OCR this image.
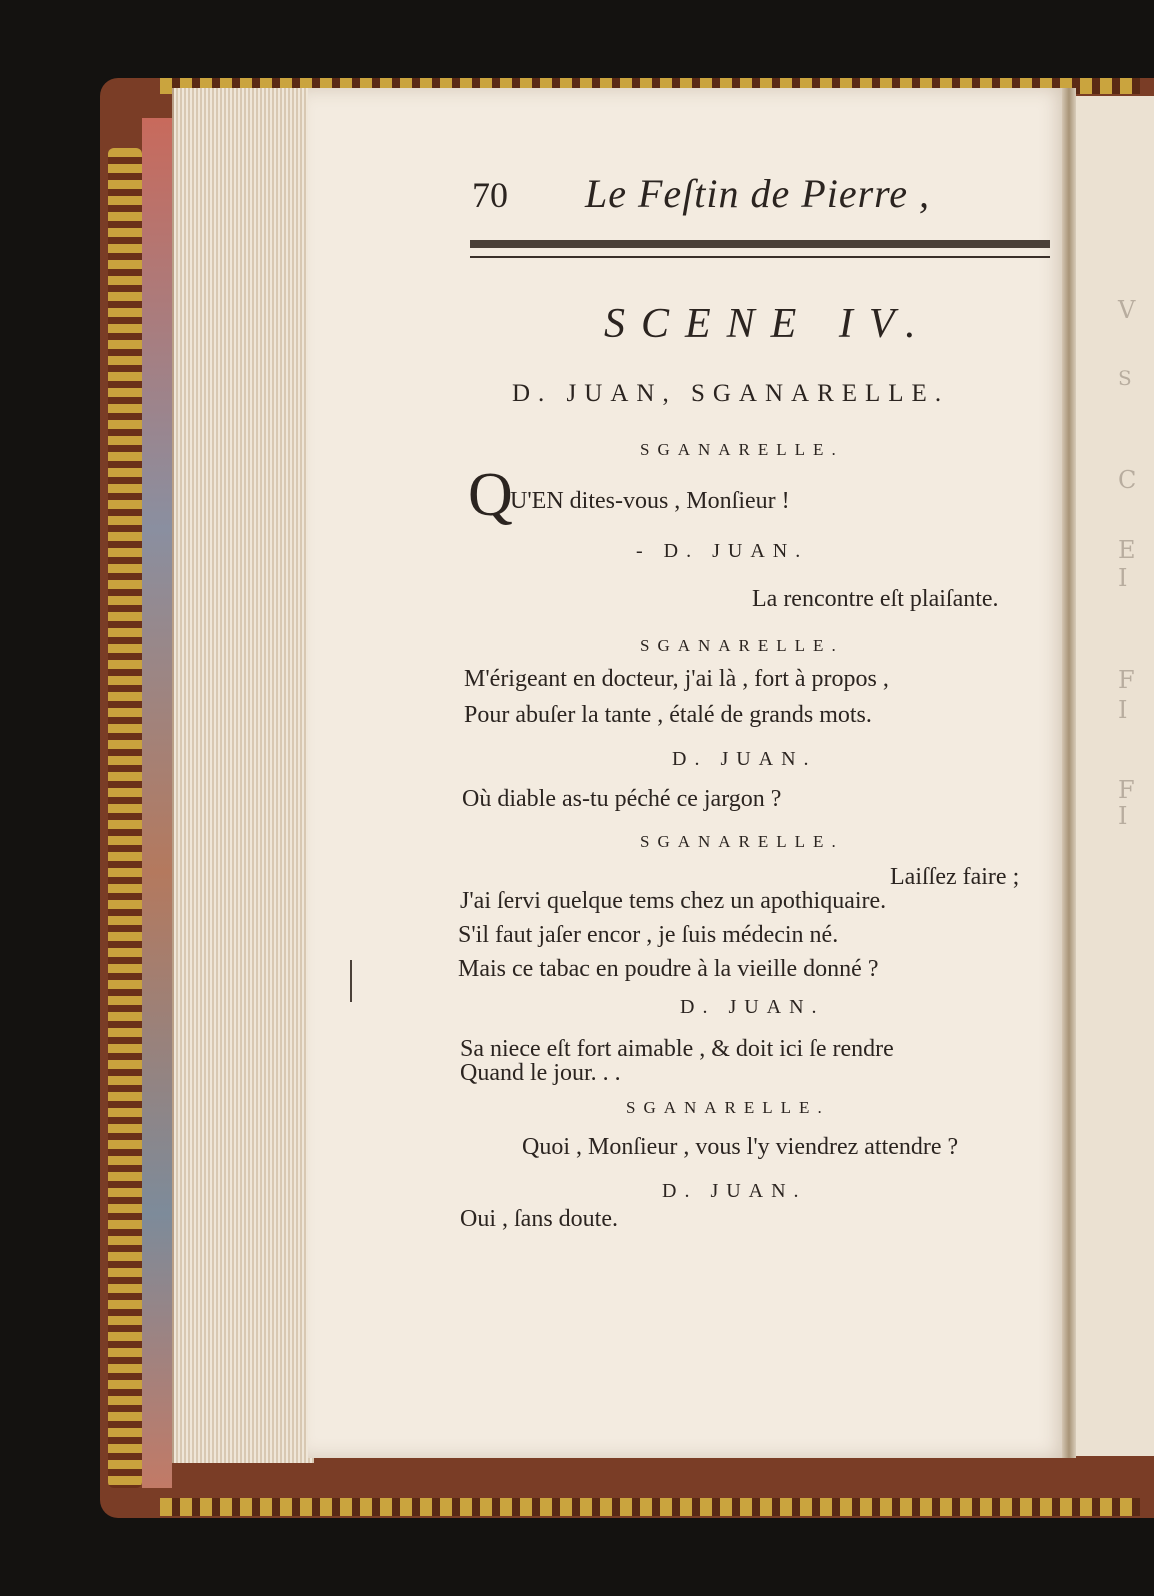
V
S
C
E
I
F
I
F
I
70 Le Feſtin de Pierre ,
SCENE IV.
D. JUAN, SGANARELLE.
Q
SGANARELLE.
U'EN dites-vous , Monſieur !
- D. JUAN.
La rencontre eſt plaiſante.
SGANARELLE.
M'érigeant en docteur, j'ai là , fort à propos ,
Pour abuſer la tante , étalé de grands mots.
D. JUAN.
Où diable as-tu péché ce jargon ?
SGANARELLE.
Laiſſez faire ;
J'ai ſervi quelque tems chez un apothiquaire.
S'il faut jaſer encor , je ſuis médecin né.
Mais ce tabac en poudre à la vieille donné ?
D. JUAN.
Sa niece eſt fort aimable , & doit ici ſe rendre
Quand le jour. . .
SGANARELLE.
Quoi , Monſieur , vous l'y viendrez attendre ?
D. JUAN.
Oui , ſans doute.
